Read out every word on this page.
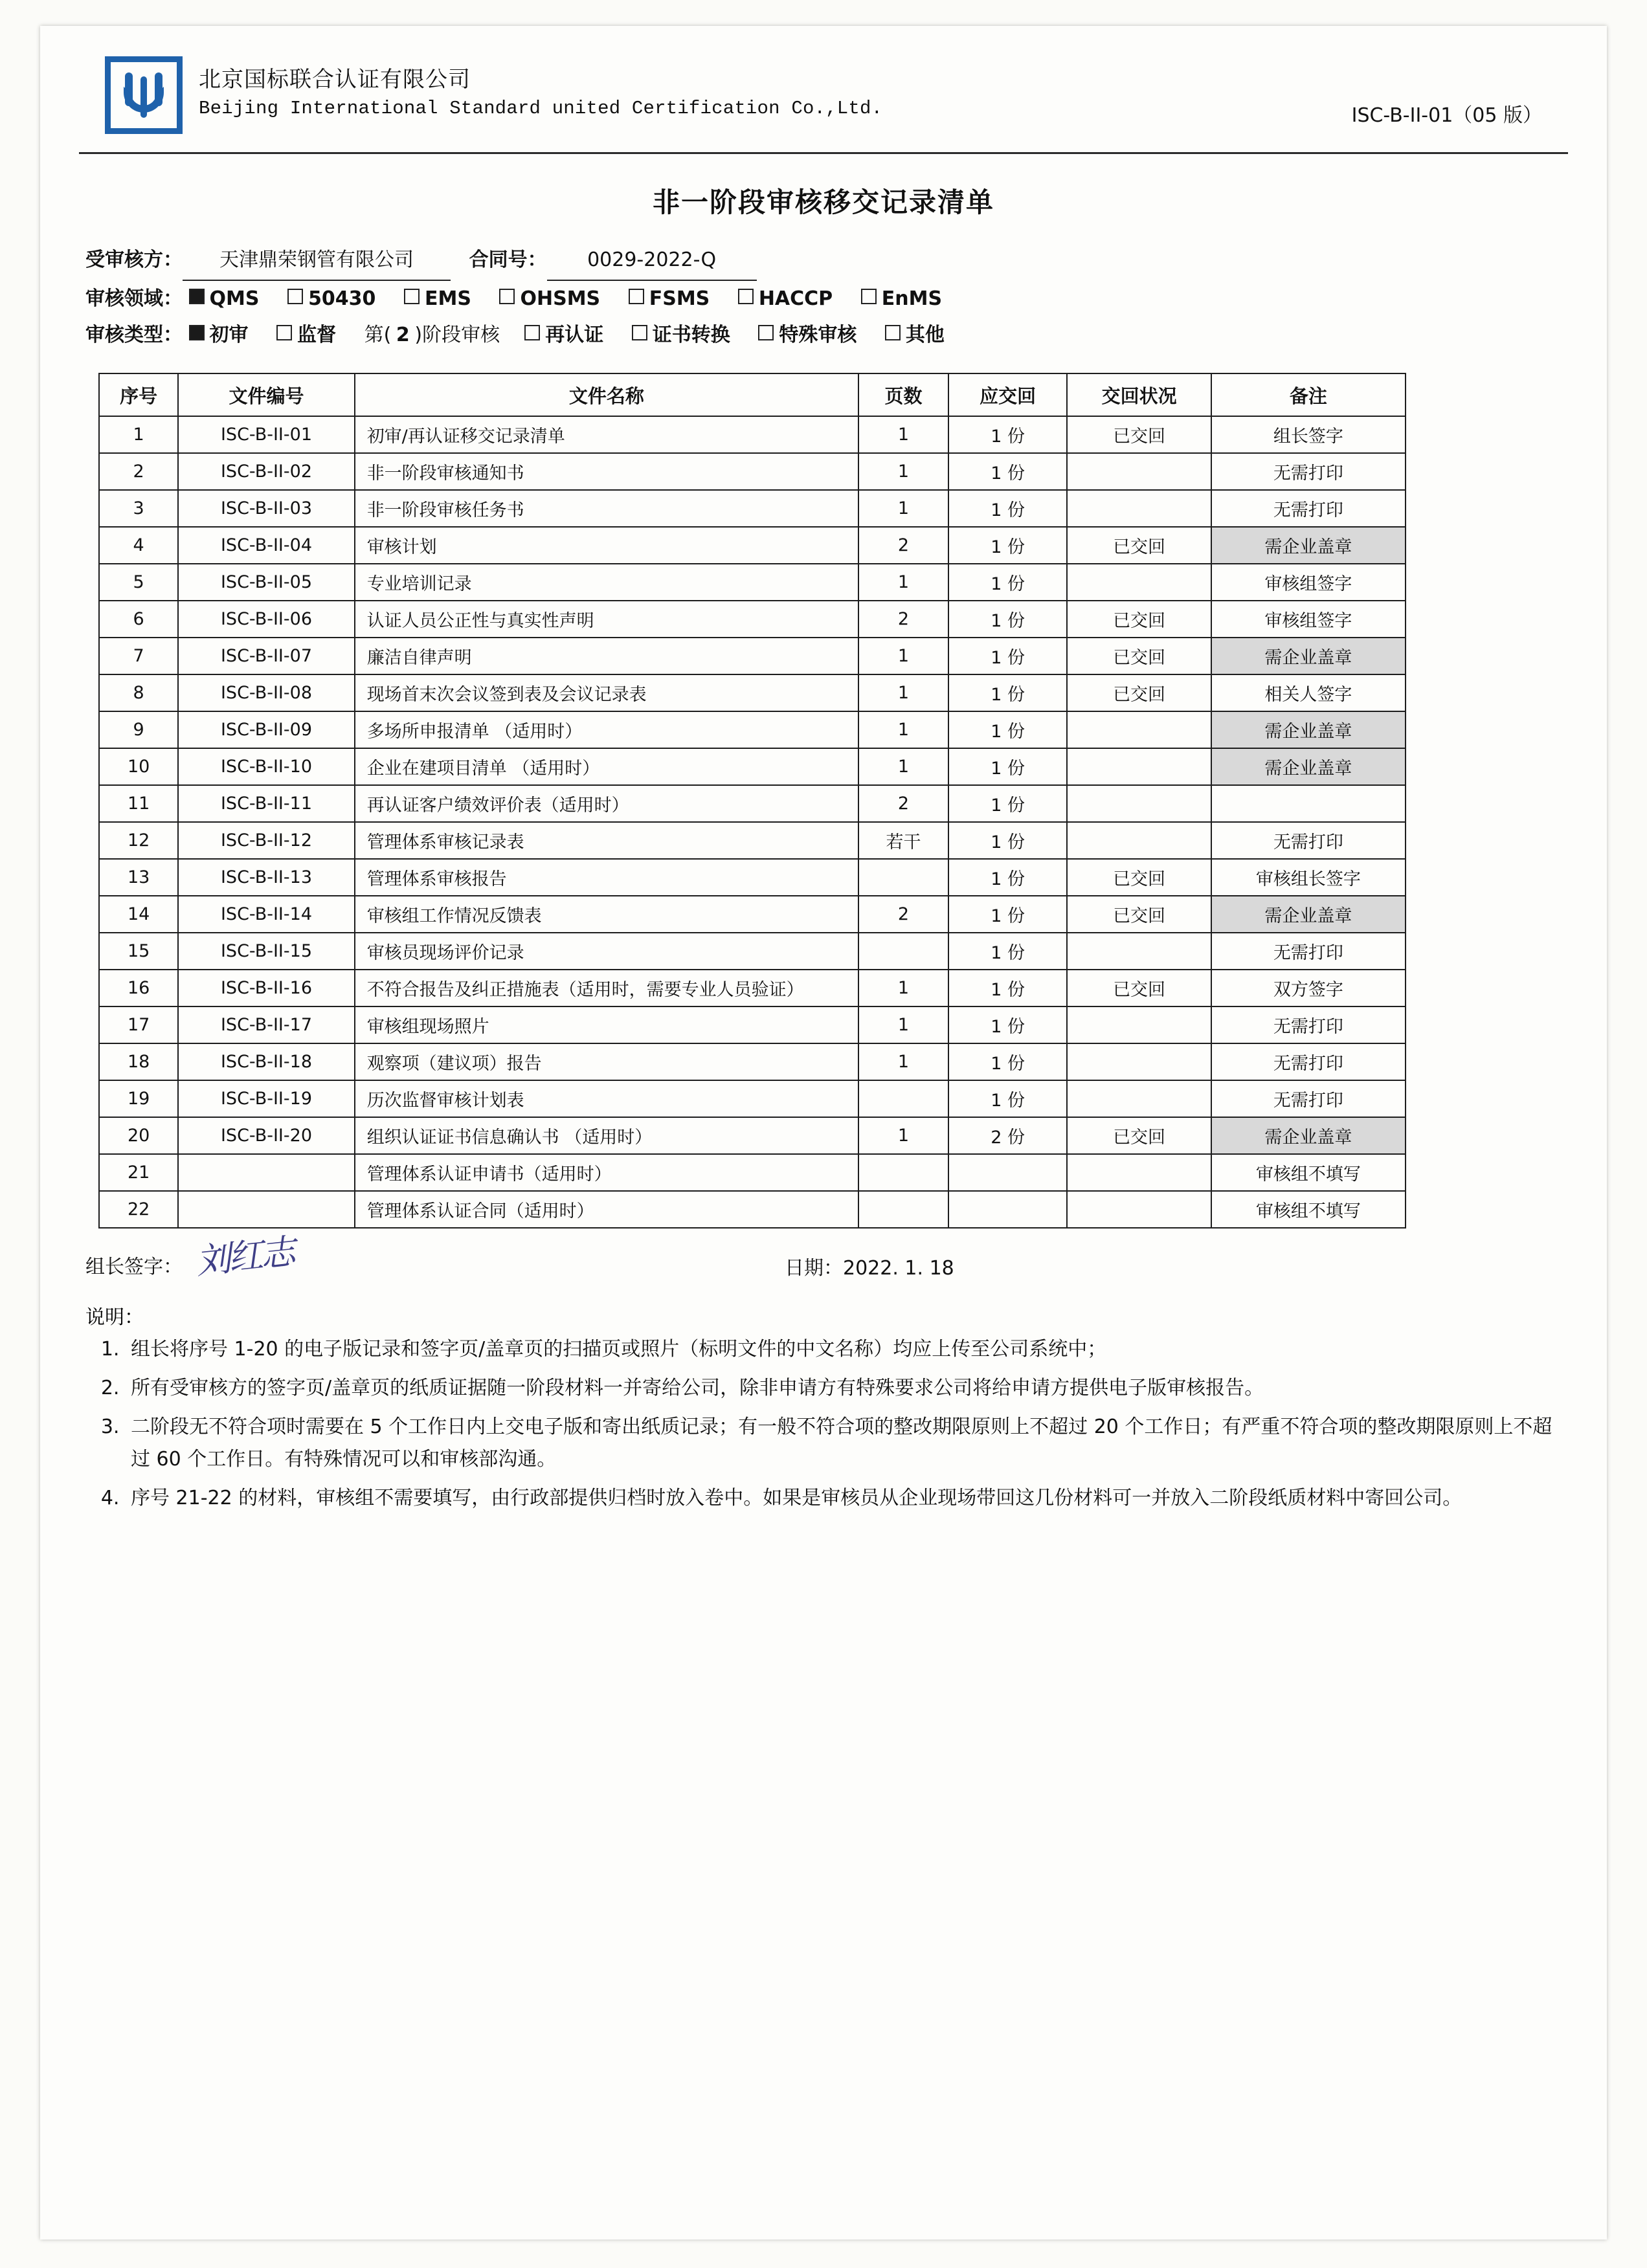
北京国标联合认证有限公司
Beijing International Standard united Certification Co.,Ltd.	ISC-B-II-01（05 版）
非一阶段审核移交记录清单
受审核方： 天津鼎荣钢管有限公司	合同号： 0029-2022-Q
审核领域： QMS	50430	EMS	OHSMS	FSMS	HACCP	EnMS
审核类型： 初审	监督 第( 2 )阶段审核 再认证	证书转换	特殊审核	其他
序号	文件编号	文件名称	页数	应交回	交回状况	备注
1	ISC-B-II-01	初审/再认证移交记录清单	1	1 份	已交回	组长签字
2	ISC-B-II-02	非一阶段审核通知书	1	1 份		无需打印
3	ISC-B-II-03	非一阶段审核任务书	1	1 份		无需打印
4	ISC-B-II-04	审核计划	2	1 份	已交回	需企业盖章
5	ISC-B-II-05	专业培训记录	1	1 份		审核组签字
6	ISC-B-II-06	认证人员公正性与真实性声明	2	1 份	已交回	审核组签字
7	ISC-B-II-07	廉洁自律声明	1	1 份	已交回	需企业盖章
8	ISC-B-II-08	现场首末次会议签到表及会议记录表	1	1 份	已交回	相关人签字
9	ISC-B-II-09	多场所申报清单 （适用时）	1	1 份		需企业盖章
10	ISC-B-II-10	企业在建项目清单 （适用时）	1	1 份		需企业盖章
11	ISC-B-II-11	再认证客户绩效评价表（适用时）	2	1 份		
12	ISC-B-II-12	管理体系审核记录表	若干	1 份		无需打印
13	ISC-B-II-13	管理体系审核报告		1 份	已交回	审核组长签字
14	ISC-B-II-14	审核组工作情况反馈表	2	1 份	已交回	需企业盖章
15	ISC-B-II-15	审核员现场评价记录		1 份		无需打印
16	ISC-B-II-16	不符合报告及纠正措施表（适用时，需要专业人员验证）	1	1 份	已交回	双方签字
17	ISC-B-II-17	审核组现场照片	1	1 份		无需打印
18	ISC-B-II-18	观察项（建议项）报告	1	1 份		无需打印
19	ISC-B-II-19	历次监督审核计划表		1 份		无需打印
20	ISC-B-II-20	组织认证证书信息确认书 （适用时）	1	2 份	已交回	需企业盖章
21		管理体系认证申请书（适用时）				审核组不填写
22		管理体系认证合同（适用时）				审核组不填写
组长签字： 刘红志	日期：2022. 1. 18
说明：
1. 组长将序号 1-20 的电子版记录和签字页/盖章页的扫描页或照片（标明文件的中文名称）均应上传至公司系统中；
2. 所有受审核方的签字页/盖章页的纸质证据随一阶段材料一并寄给公司，除非申请方有特殊要求公司将给申请方提供电子版审核报告。
3. 二阶段无不符合项时需要在 5 个工作日内上交电子版和寄出纸质记录；有一般不符合项的整改期限原则上不超过 20 个工作日；有严重不符合项的整改期限原则上不超过 60 个工作日。有特殊情况可以和审核部沟通。
4. 序号 21-22 的材料，审核组不需要填写，由行政部提供归档时放入卷中。如果是审核员从企业现场带回这几份材料可一并放入二阶段纸质材料中寄回公司。
